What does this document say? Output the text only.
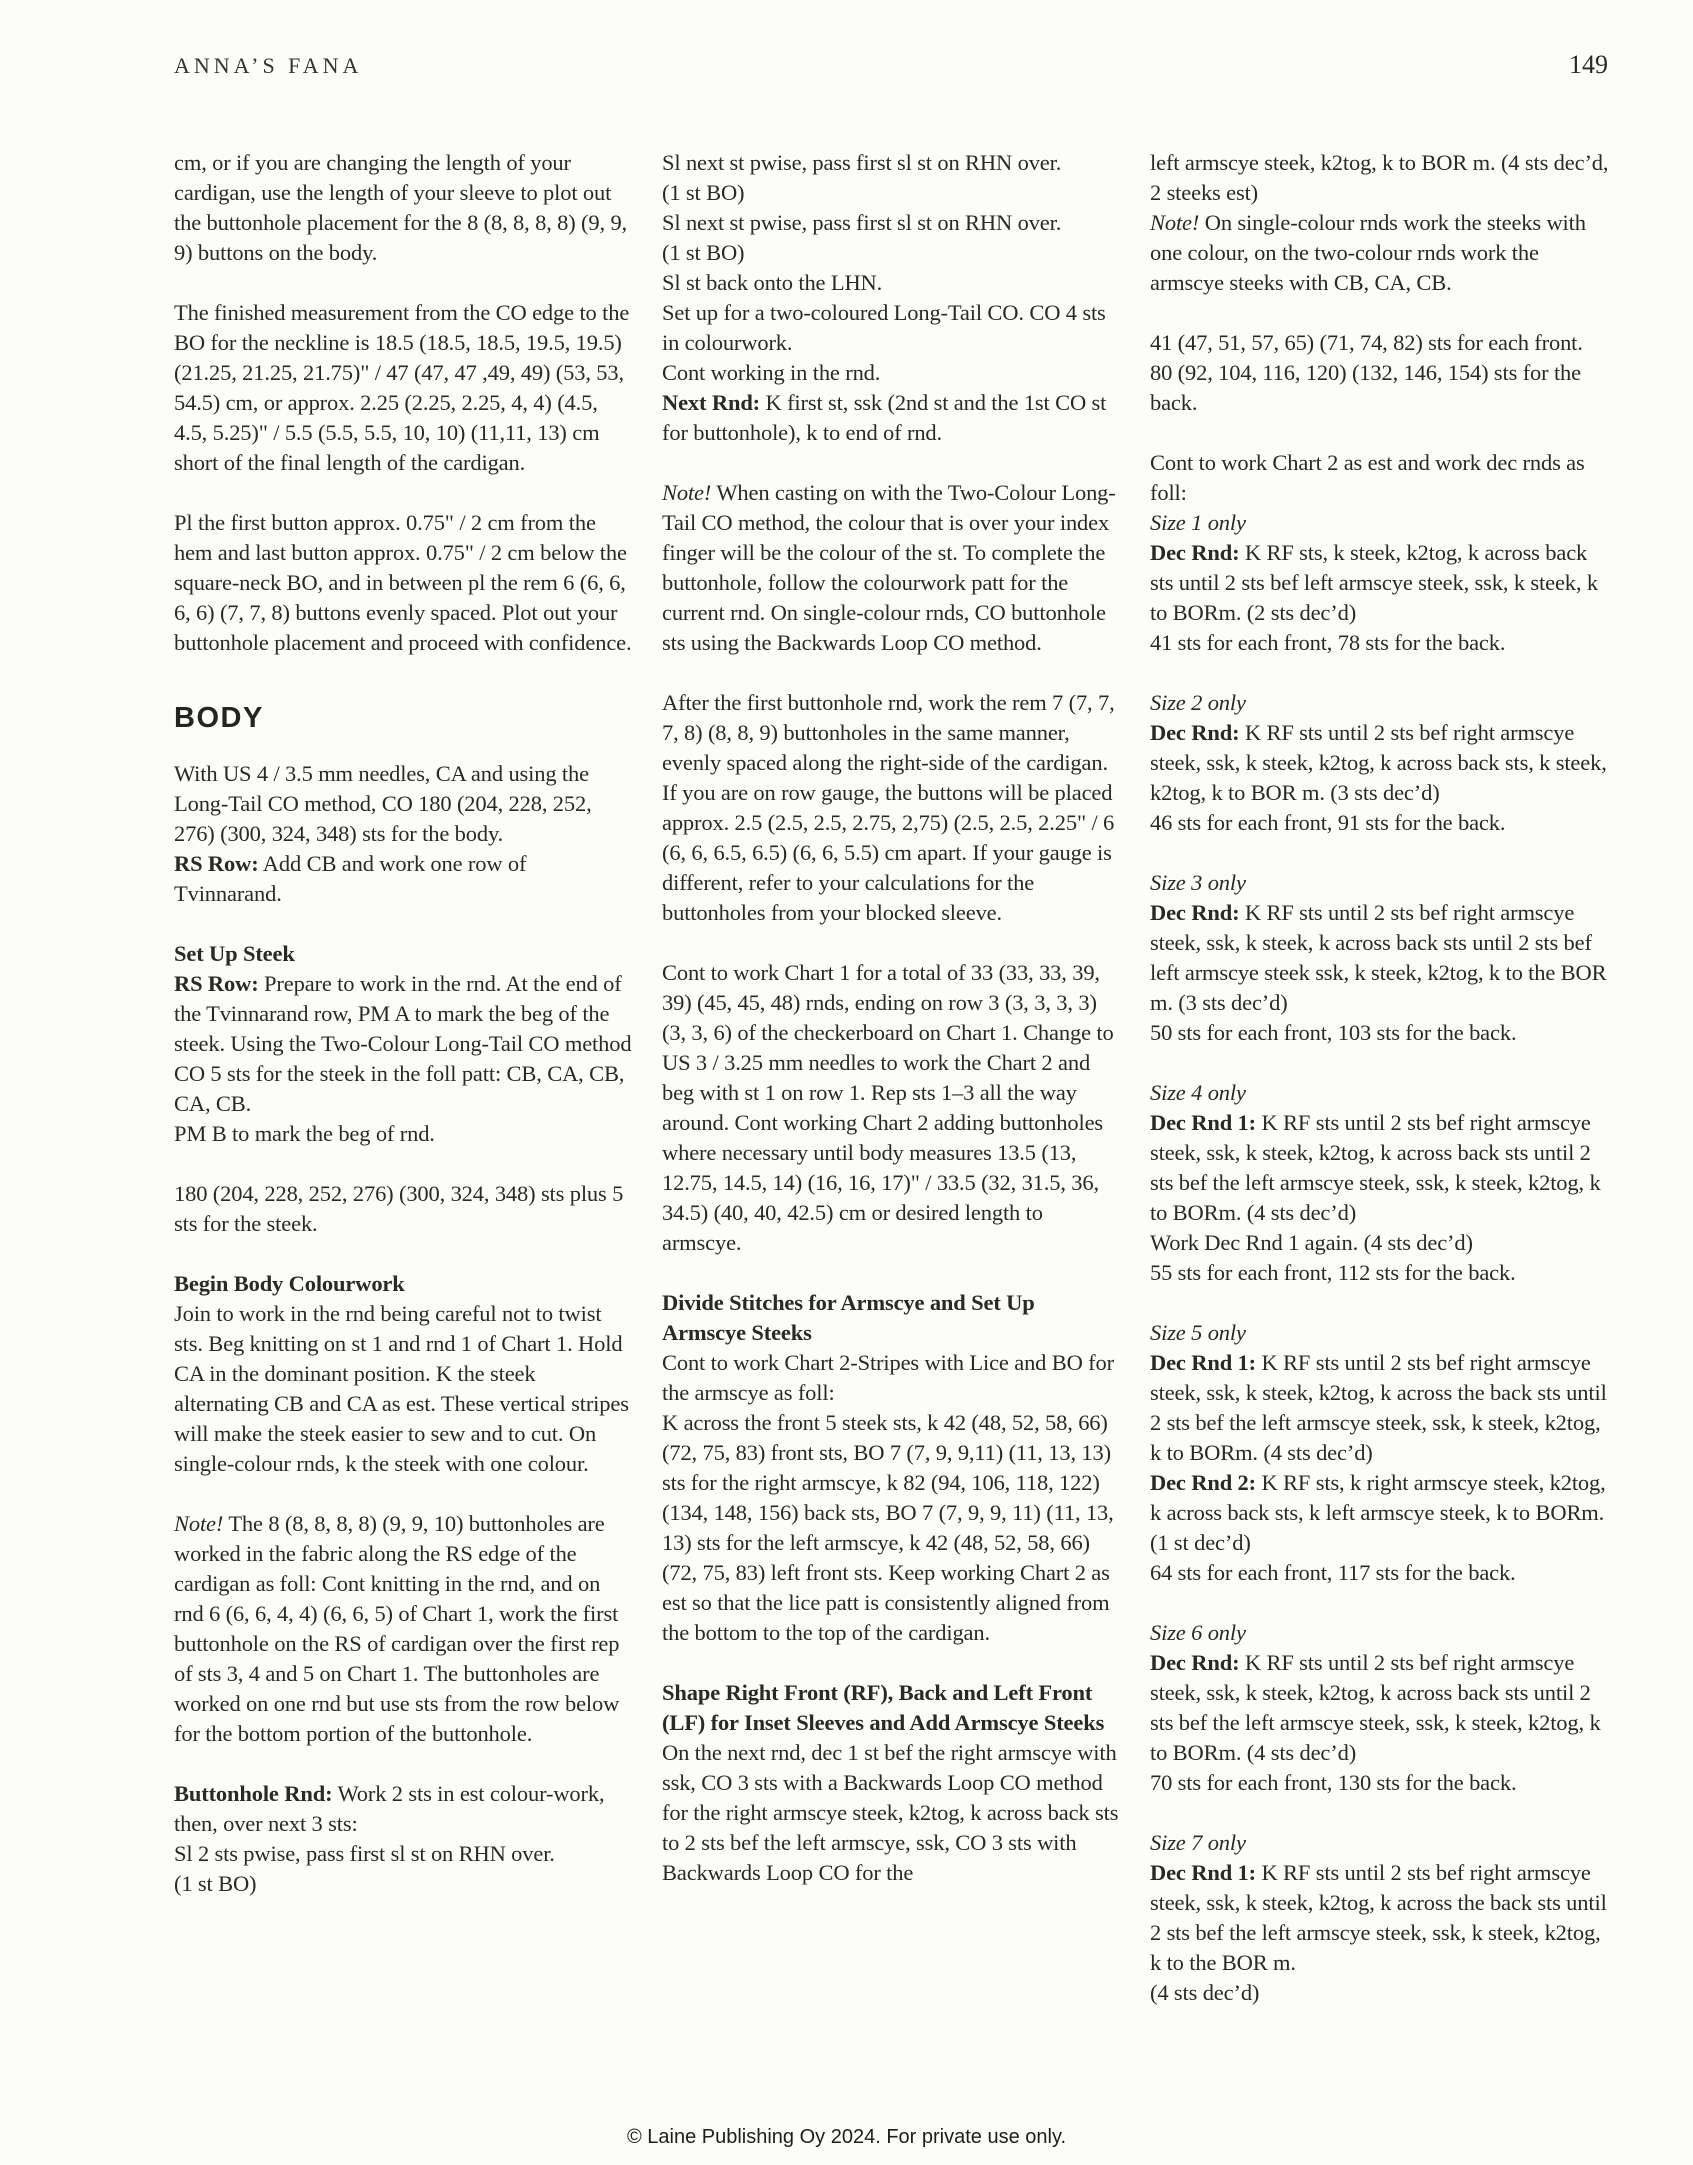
ANNA’S FANA	149

cm, or if you are changing the length of your cardigan, use the length of your sleeve to plot out the buttonhole placement for the 8 (8, 8, 8, 8) (9, 9, 9) buttons on the body.

The finished measurement from the CO edge to the BO for the neckline is 18.5 (18.5, 18.5, 19.5, 19.5) (21.25, 21.25, 21.75)" / 47 (47, 47 ,49, 49) (53, 53, 54.5) cm, or approx. 2.25 (2.25, 2.25, 4, 4) (4.5, 4.5, 5.25)" / 5.5 (5.5, 5.5, 10, 10) (11,11, 13) cm short of the final length of the cardigan.

Pl the first button approx. 0.75" / 2 cm from the hem and last button approx. 0.75" / 2 cm below the square-neck BO, and in between pl the rem 6 (6, 6, 6, 6) (7, 7, 8) buttons evenly spaced. Plot out your buttonhole placement and proceed with confidence.

BODY

With US 4 / 3.5 mm needles, CA and using the Long-Tail CO method, CO 180 (204, 228, 252, 276) (300, 324, 348) sts for the body.
RS Row: Add CB and work one row of Tvinnarand.

Set Up Steek
RS Row: Prepare to work in the rnd. At the end of the Tvinnarand row, PM A to mark the beg of the steek. Using the Two-Colour Long-Tail CO method CO 5 sts for the steek in the foll patt: CB, CA, CB, CA, CB.
PM B to mark the beg of rnd.

180 (204, 228, 252, 276) (300, 324, 348) sts plus 5 sts for the steek.

Begin Body Colourwork
Join to work in the rnd being careful not to twist sts. Beg knitting on st 1 and rnd 1 of Chart 1. Hold CA in the dominant position. K the steek alternating CB and CA as est. These vertical stripes will make the steek easier to sew and to cut. On single-colour rnds, k the steek with one colour.

Note! The 8 (8, 8, 8, 8) (9, 9, 10) buttonholes are worked in the fabric along the RS edge of the cardigan as foll: Cont knitting in the rnd, and on rnd 6 (6, 6, 4, 4) (6, 6, 5) of Chart 1, work the first buttonhole on the RS of cardigan over the first rep of sts 3, 4 and 5 on Chart 1. The buttonholes are worked on one rnd but use sts from the row below for the bottom portion of the buttonhole.

Buttonhole Rnd: Work 2 sts in est colour-work, then, over next 3 sts:
Sl 2 sts pwise, pass first sl st on RHN over.
(1 st BO)

Sl next st pwise, pass first sl st on RHN over.
(1 st BO)
Sl next st pwise, pass first sl st on RHN over.
(1 st BO)
Sl st back onto the LHN.
Set up for a two-coloured Long-Tail CO. CO 4 sts in colourwork.
Cont working in the rnd.
Next Rnd: K first st, ssk (2nd st and the 1st CO st for buttonhole), k to end of rnd.

Note! When casting on with the Two-Colour Long-Tail CO method, the colour that is over your index finger will be the colour of the st. To complete the buttonhole, follow the colourwork patt for the current rnd. On single-colour rnds, CO buttonhole sts using the Backwards Loop CO method.

After the first buttonhole rnd, work the rem 7 (7, 7, 7, 8) (8, 8, 9) buttonholes in the same manner, evenly spaced along the right-side of the cardigan. If you are on row gauge, the buttons will be placed approx. 2.5 (2.5, 2.5, 2.75, 2,75) (2.5, 2.5, 2.25" / 6 (6, 6, 6.5, 6.5) (6, 6, 5.5) cm apart. If your gauge is different, refer to your calculations for the buttonholes from your blocked sleeve.

Cont to work Chart 1 for a total of 33 (33, 33, 39, 39) (45, 45, 48) rnds, ending on row 3 (3, 3, 3, 3) (3, 3, 6) of the checkerboard on Chart 1. Change to US 3 / 3.25 mm needles to work the Chart 2 and beg with st 1 on row 1. Rep sts 1–3 all the way around. Cont working Chart 2 adding buttonholes where necessary until body measures 13.5 (13, 12.75, 14.5, 14) (16, 16, 17)" / 33.5 (32, 31.5, 36, 34.5) (40, 40, 42.5) cm or desired length to armscye.

Divide Stitches for Armscye and Set Up Armscye Steeks
Cont to work Chart 2-Stripes with Lice and BO for the armscye as foll:
K across the front 5 steek sts, k 42 (48, 52, 58, 66) (72, 75, 83) front sts, BO 7 (7, 9, 9,11) (11, 13, 13) sts for the right armscye, k 82 (94, 106, 118, 122) (134, 148, 156) back sts, BO 7 (7, 9, 9, 11) (11, 13, 13) sts for the left armscye, k 42 (48, 52, 58, 66) (72, 75, 83) left front sts. Keep working Chart 2 as est so that the lice patt is consistently aligned from the bottom to the top of the cardigan.

Shape Right Front (RF), Back and Left Front (LF) for Inset Sleeves and Add Armscye Steeks
On the next rnd, dec 1 st bef the right armscye with ssk, CO 3 sts with a Backwards Loop CO method for the right armscye steek, k2tog, k across back sts to 2 sts bef the left armscye, ssk, CO 3 sts with Backwards Loop CO for the

left armscye steek, k2tog, k to BOR m. (4 sts dec’d, 2 steeks est)
Note! On single-colour rnds work the steeks with one colour, on the two-colour rnds work the armscye steeks with CB, CA, CB.

41 (47, 51, 57, 65) (71, 74, 82) sts for each front. 80 (92, 104, 116, 120) (132, 146, 154) sts for the back.

Cont to work Chart 2 as est and work dec rnds as foll:
Size 1 only
Dec Rnd: K RF sts, k steek, k2tog, k across back sts until 2 sts bef left armscye steek, ssk, k steek, k to BORm. (2 sts dec’d)
41 sts for each front, 78 sts for the back.

Size 2 only
Dec Rnd: K RF sts until 2 sts bef right armscye steek, ssk, k steek, k2tog, k across back sts, k steek, k2tog, k to BOR m. (3 sts dec’d)
46 sts for each front, 91 sts for the back.

Size 3 only
Dec Rnd: K RF sts until 2 sts bef right armscye steek, ssk, k steek, k across back sts until 2 sts bef left armscye steek ssk, k steek, k2tog, k to the BOR m. (3 sts dec’d)
50 sts for each front, 103 sts for the back.

Size 4 only
Dec Rnd 1: K RF sts until 2 sts bef right armscye steek, ssk, k steek, k2tog, k across back sts until 2 sts bef the left armscye steek, ssk, k steek, k2tog, k to BORm. (4 sts dec’d)
Work Dec Rnd 1 again. (4 sts dec’d)
55 sts for each front, 112 sts for the back.

Size 5 only
Dec Rnd 1: K RF sts until 2 sts bef right armscye steek, ssk, k steek, k2tog, k across the back sts until 2 sts bef the left armscye steek, ssk, k steek, k2tog, k to BORm. (4 sts dec’d)
Dec Rnd 2: K RF sts, k right armscye steek, k2tog, k across back sts, k left armscye steek, k to BORm. (1 st dec’d)
64 sts for each front, 117 sts for the back.

Size 6 only
Dec Rnd: K RF sts until 2 sts bef right armscye steek, ssk, k steek, k2tog, k across back sts until 2 sts bef the left armscye steek, ssk, k steek, k2tog, k to BORm. (4 sts dec’d)
70 sts for each front, 130 sts for the back.

Size 7 only
Dec Rnd 1: K RF sts until 2 sts bef right armscye steek, ssk, k steek, k2tog, k across the back sts until 2 sts bef the left armscye steek, ssk, k steek, k2tog, k to the BOR m.
(4 sts dec’d)

© Laine Publishing Oy 2024. For private use only.
